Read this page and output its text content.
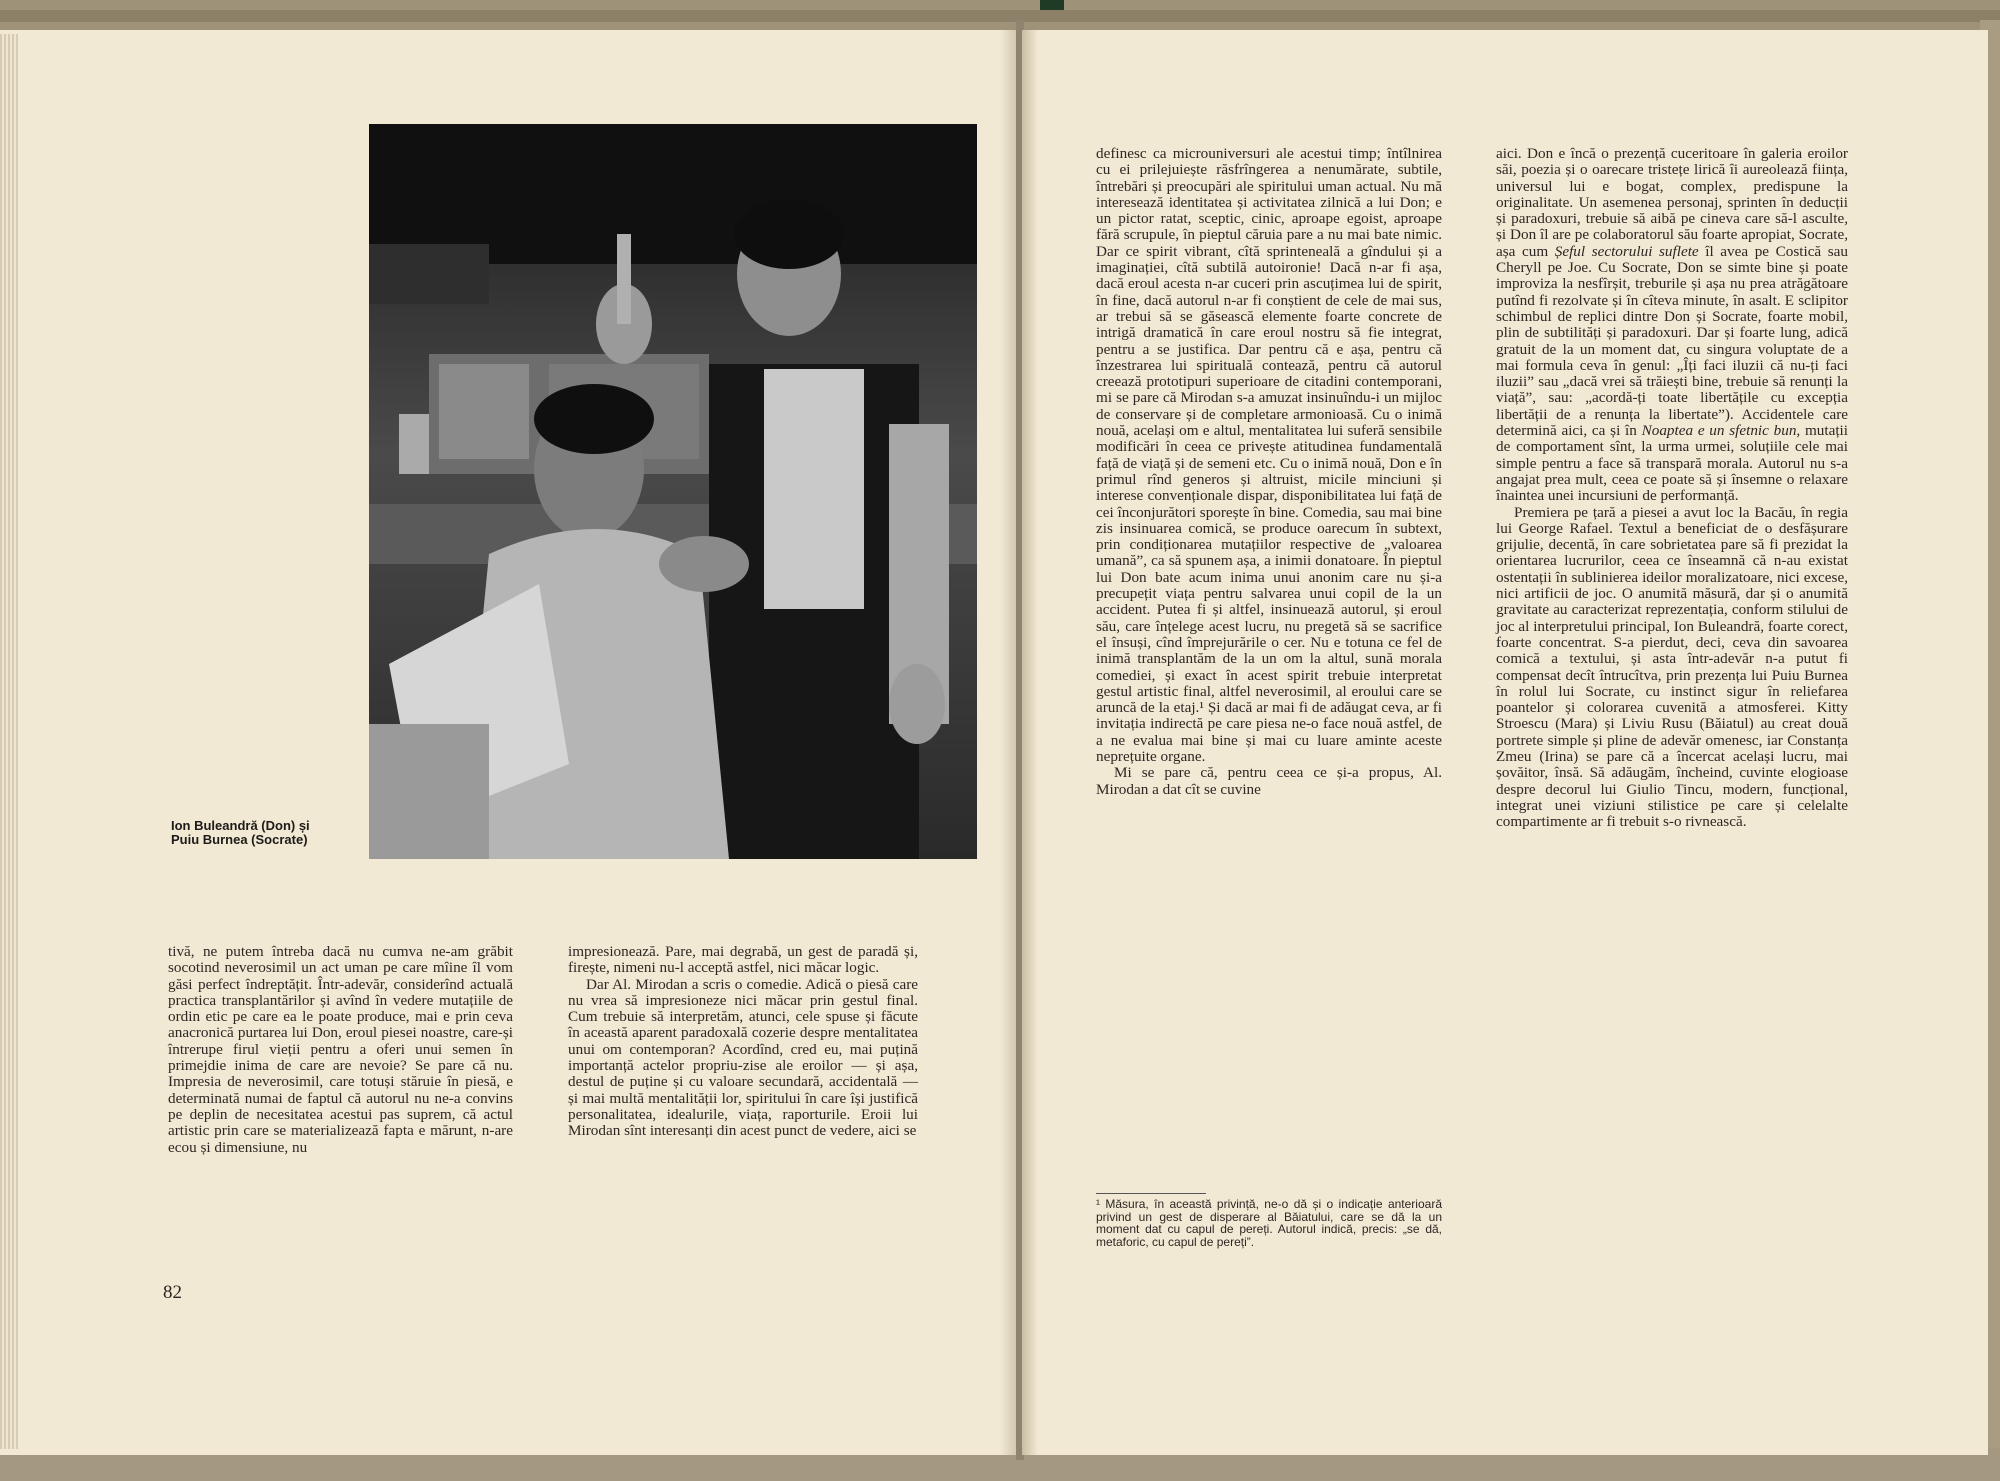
Ion Buleandră (Don) și Puiu Burnea (Socrate)

tivă, ne putem întreba dacă nu cumva ne-am grăbit socotind neverosimil un act uman pe care mîine îl vom găsi perfect îndreptățit. Într-adevăr, considerînd actuală practica transplantărilor și avînd în vedere mutațiile de ordin etic pe care ea le poate produce, mai e prin ceva anacronică purtarea lui Don, eroul piesei noastre, care-și întrerupe firul vieții pentru a oferi unui semen în primejdie inima de care are nevoie? Se pare că nu. Impresia de neverosimil, care totuși stăruie în piesă, e determinată numai de faptul că autorul nu ne-a convins pe deplin de necesitatea acestui pas suprem, că actul artistic prin care se materializează fapta e mărunt, n-are ecou și dimensiune, nu

impresionează. Pare, mai degrabă, un gest de paradă și, firește, nimeni nu-l acceptă astfel, nici măcar logic.

Dar Al. Mirodan a scris o comedie. Adică o piesă care nu vrea să impresioneze nici măcar prin gestul final. Cum trebuie să interpretăm, atunci, cele spuse și făcute în această aparent paradoxală cozerie despre mentalitatea unui om contemporan? Acordînd, cred eu, mai puțină importanță actelor propriu-zise ale eroilor — și așa, destul de puține și cu valoare secundară, accidentală — și mai multă mentalității lor, spiritului în care își justifică personalitatea, idealurile, viața, raporturile. Eroii lui Mirodan sînt interesanți din acest punct de vedere, aici se

definesc ca microuniversuri ale acestui timp; întîlnirea cu ei prilejuiește răsfrîngerea a nenumărate, subtile, întrebări și preocupări ale spiritului uman actual. Nu mă interesează identitatea și activitatea zilnică a lui Don; e un pictor ratat, sceptic, cinic, aproape egoist, aproape fără scrupule, în pieptul căruia pare a nu mai bate nimic. Dar ce spirit vibrant, cîtă sprinteneală a gîndului și a imaginației, cîtă subtilă autoironie! Dacă n-ar fi așa, dacă eroul acesta n-ar cuceri prin ascuțimea lui de spirit, în fine, dacă autorul n-ar fi conștient de cele de mai sus, ar trebui să se găsească elemente foarte concrete de intrigă dramatică în care eroul nostru să fie integrat, pentru a se justifica. Dar pentru că e așa, pentru că înzestrarea lui spirituală contează, pentru că autorul creează prototipuri superioare de citadini contemporani, mi se pare că Mirodan s-a amuzat insinuîndu-i un mijloc de conservare și de completare armonioasă. Cu o inimă nouă, același om e altul, mentalitatea lui suferă sensibile modificări în ceea ce privește atitudinea fundamentală față de viață și de semeni etc. Cu o inimă nouă, Don e în primul rînd generos și altruist, micile minciuni și interese convenționale dispar, disponibilitatea lui față de cei înconjurători sporește în bine. Comedia, sau mai bine zis insinuarea comică, se produce oarecum în subtext, prin condiționarea mutațiilor respective de „valoarea umană”, ca să spunem așa, a inimii donatoare. În pieptul lui Don bate acum inima unui anonim care nu și-a precupețit viața pentru salvarea unui copil de la un accident. Putea fi și altfel, insinuează autorul, și eroul său, care înțelege acest lucru, nu pregetă să se sacrifice el însuși, cînd împrejurările o cer. Nu e totuna ce fel de inimă transplantăm de la un om la altul, sună morala comediei, și exact în acest spirit trebuie interpretat gestul artistic final, altfel neverosimil, al eroului care se aruncă de la etaj.¹ Și dacă ar mai fi de adăugat ceva, ar fi invitația indirectă pe care piesa ne-o face nouă astfel, de a ne evalua mai bine și mai cu luare aminte aceste neprețuite organe.

Mi se pare că, pentru ceea ce și-a propus, Al. Mirodan a dat cît se cuvine

¹ Măsura, în această privință, ne-o dă și o indicație anterioară privind un gest de disperare al Băiatului, care se dă la un moment dat cu capul de pereți. Autorul indică, precis: „se dă, metaforic, cu capul de pereți”.

aici. Don e încă o prezență cuceritoare în galeria eroilor săi, poezia și o oarecare tristețe lirică îi aureolează ființa, universul lui e bogat, complex, predispune la originalitate. Un asemenea personaj, sprinten în deducții și paradoxuri, trebuie să aibă pe cineva care să-l asculte, și Don îl are pe colaboratorul său foarte apropiat, Socrate, așa cum Șeful sectorului suflete îl avea pe Costică sau Cheryll pe Joe. Cu Socrate, Don se simte bine și poate improviza la nesfîrșit, treburile și așa nu prea atrăgătoare putînd fi rezolvate și în cîteva minute, în asalt. E sclipitor schimbul de replici dintre Don și Socrate, foarte mobil, plin de subtilități și paradoxuri. Dar și foarte lung, adică gratuit de la un moment dat, cu singura voluptate de a mai formula ceva în genul: „Îți faci iluzii că nu-ți faci iluzii” sau „dacă vrei să trăiești bine, trebuie să renunți la viață”, sau: „acordă-ți toate libertățile cu excepția libertății de a renunța la libertate”). Accidentele care determină aici, ca și în Noaptea e un sfetnic bun, mutații de comportament sînt, la urma urmei, soluțiile cele mai simple pentru a face să transpară morala. Autorul nu s-a angajat prea mult, ceea ce poate să și însemne o relaxare înaintea unei incursiuni de performanță.

Premiera pe țară a piesei a avut loc la Bacău, în regia lui George Rafael. Textul a beneficiat de o desfășurare grijulie, decentă, în care sobrietatea pare să fi prezidat la orientarea lucrurilor, ceea ce înseamnă că n-au existat ostentații în sublinierea ideilor moralizatoare, nici excese, nici artificii de joc. O anumită măsură, dar și o anumită gravitate au caracterizat reprezentația, conform stilului de joc al interpretului principal, Ion Buleandră, foarte corect, foarte concentrat. S-a pierdut, deci, ceva din savoarea comică a textului, și asta într-adevăr n-a putut fi compensat decît întrucîtva, prin prezența lui Puiu Burnea în rolul lui Socrate, cu instinct sigur în reliefarea poantelor și colorarea cuvenită a atmosferei. Kitty Stroescu (Mara) și Liviu Rusu (Băiatul) au creat două portrete simple și pline de adevăr omenesc, iar Constanța Zmeu (Irina) se pare că a încercat același lucru, mai șovăitor, însă. Să adăugăm, încheind, cuvinte elogioase despre decorul lui Giulio Tincu, modern, funcțional, integrat unei viziuni stilistice pe care și celelalte compartimente ar fi trebuit s-o rivnească.

82
